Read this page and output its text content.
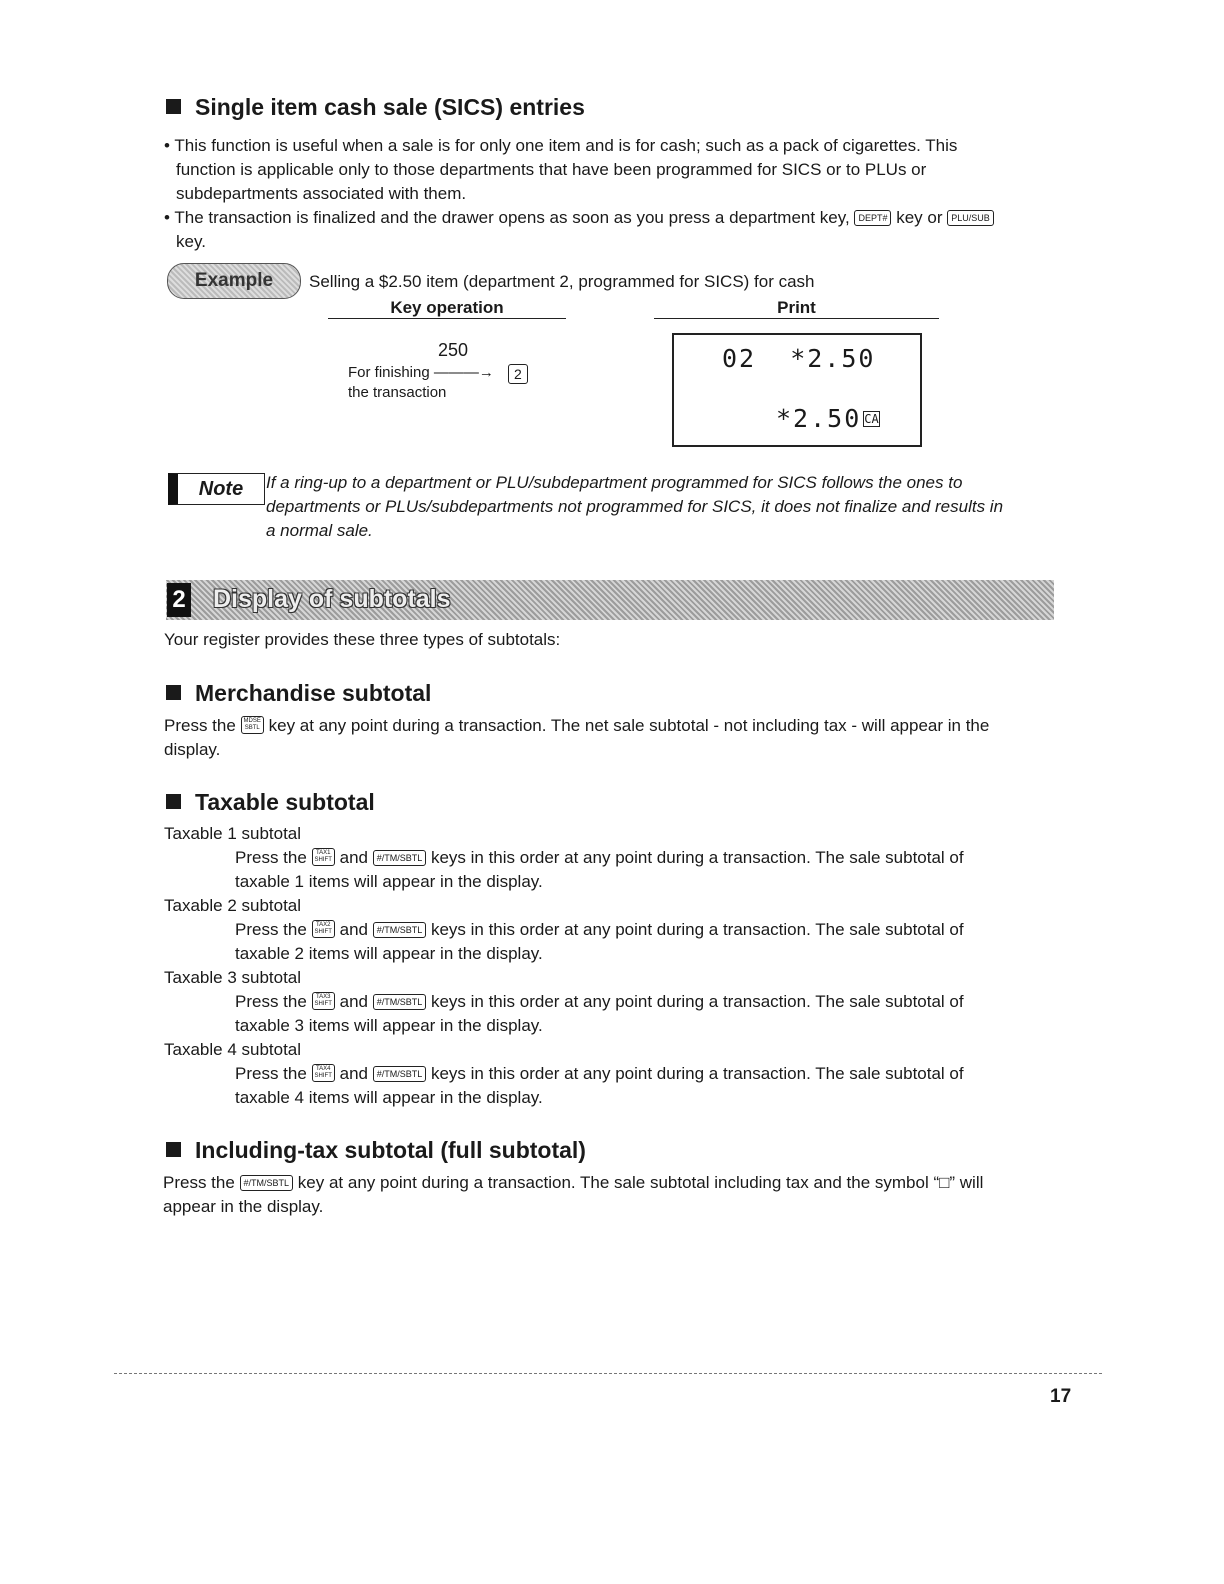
Single item cash sale (SICS) entries
• This function is useful when a sale is for only one item and is for cash; such as a pack of cigarettes. This
function is applicable only to those departments that have been programmed for SICS or to PLUs or
subdepartments associated with them.
• The transaction is finalized and the drawer opens as soon as you press a department key, DEPT# key or PLU/SUB
key.
Example	Selling a $2.50 item (department 2, programmed for SICS) for cash
Key operation	Print
250
For finishing ———→
the transaction
2
02  *2.50
*2.50 CA
Note	If a ring-up to a department or PLU/subdepartment programmed for SICS follows the ones to
departments or PLUs/subdepartments not programmed for SICS, it does not finalize and results in
a normal sale.
2 Display of subtotals
Your register provides these three types of subtotals:
Merchandise subtotal
Press the MDSE
SBTL key at any point during a transaction. The net sale subtotal - not including tax - will appear in the
display.
Taxable subtotal
Taxable 1 subtotal
Press the TAX1
SHIFT and #/TM/SBTL keys in this order at any point during a transaction. The sale subtotal of
taxable 1 items will appear in the display.
Taxable 2 subtotal
Press the TAX2
SHIFT and #/TM/SBTL keys in this order at any point during a transaction. The sale subtotal of
taxable 2 items will appear in the display.
Taxable 3 subtotal
Press the TAX3
SHIFT and #/TM/SBTL keys in this order at any point during a transaction. The sale subtotal of
taxable 3 items will appear in the display.
Taxable 4 subtotal
Press the TAX4
SHIFT and #/TM/SBTL keys in this order at any point during a transaction. The sale subtotal of
taxable 4 items will appear in the display.
Including-tax subtotal (full subtotal)
Press the #/TM/SBTL key at any point during a transaction. The sale subtotal including tax and the symbol “□” will
appear in the display.
17
